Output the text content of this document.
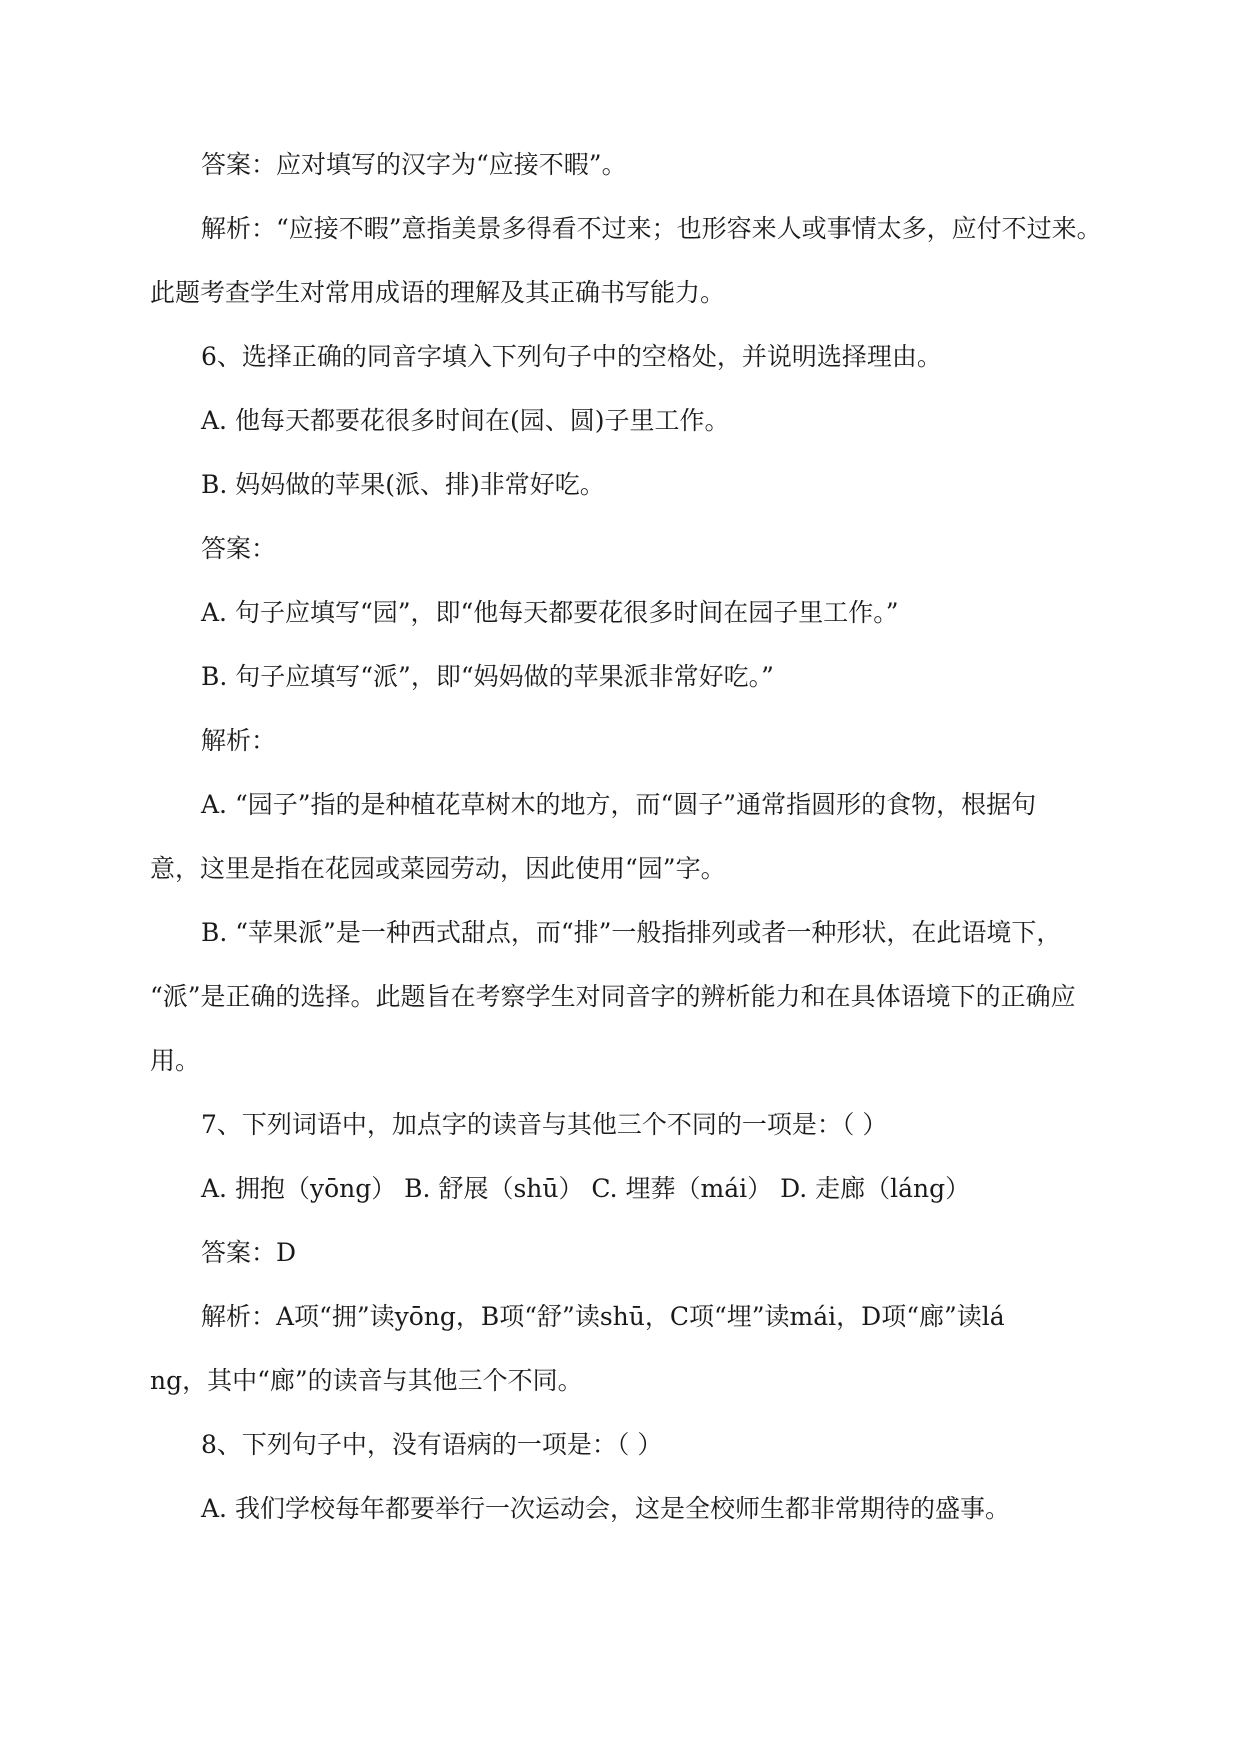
答案：应对填写的汉字为“应接不暇”。
解析：“应接不暇”意指美景多得看不过来；也形容来人或事情太多，应付不过来。
此题考查学生对常用成语的理解及其正确书写能力。
6、选择正确的同音字填入下列句子中的空格处，并说明选择理由。
A. 他每天都要花很多时间在(园、圆)子里工作。
B. 妈妈做的苹果(派、排)非常好吃。
答案：
A. 句子应填写“园”，即“他每天都要花很多时间在园子里工作。”
B. 句子应填写“派”，即“妈妈做的苹果派非常好吃。”
解析：
A. “园子”指的是种植花草树木的地方，而“圆子”通常指圆形的食物，根据句
意，这里是指在花园或菜园劳动，因此使用“园”字。
B. “苹果派”是一种西式甜点，而“排”一般指排列或者一种形状，在此语境下，
“派”是正确的选择。此题旨在考察学生对同音字的辨析能力和在具体语境下的正确应
用。
7、下列词语中，加点字的读音与其他三个不同的一项是：（ ）
A. 拥抱（yōng） B. 舒展（shū） C. 埋葬（mái） D. 走廊（láng）
答案：D
解析：A项“拥”读yōng，B项“舒”读shū，C项“埋”读mái，D项“廊”读lá
ng，其中“廊”的读音与其他三个不同。
8、下列句子中，没有语病的一项是：（ ）
A. 我们学校每年都要举行一次运动会，这是全校师生都非常期待的盛事。
